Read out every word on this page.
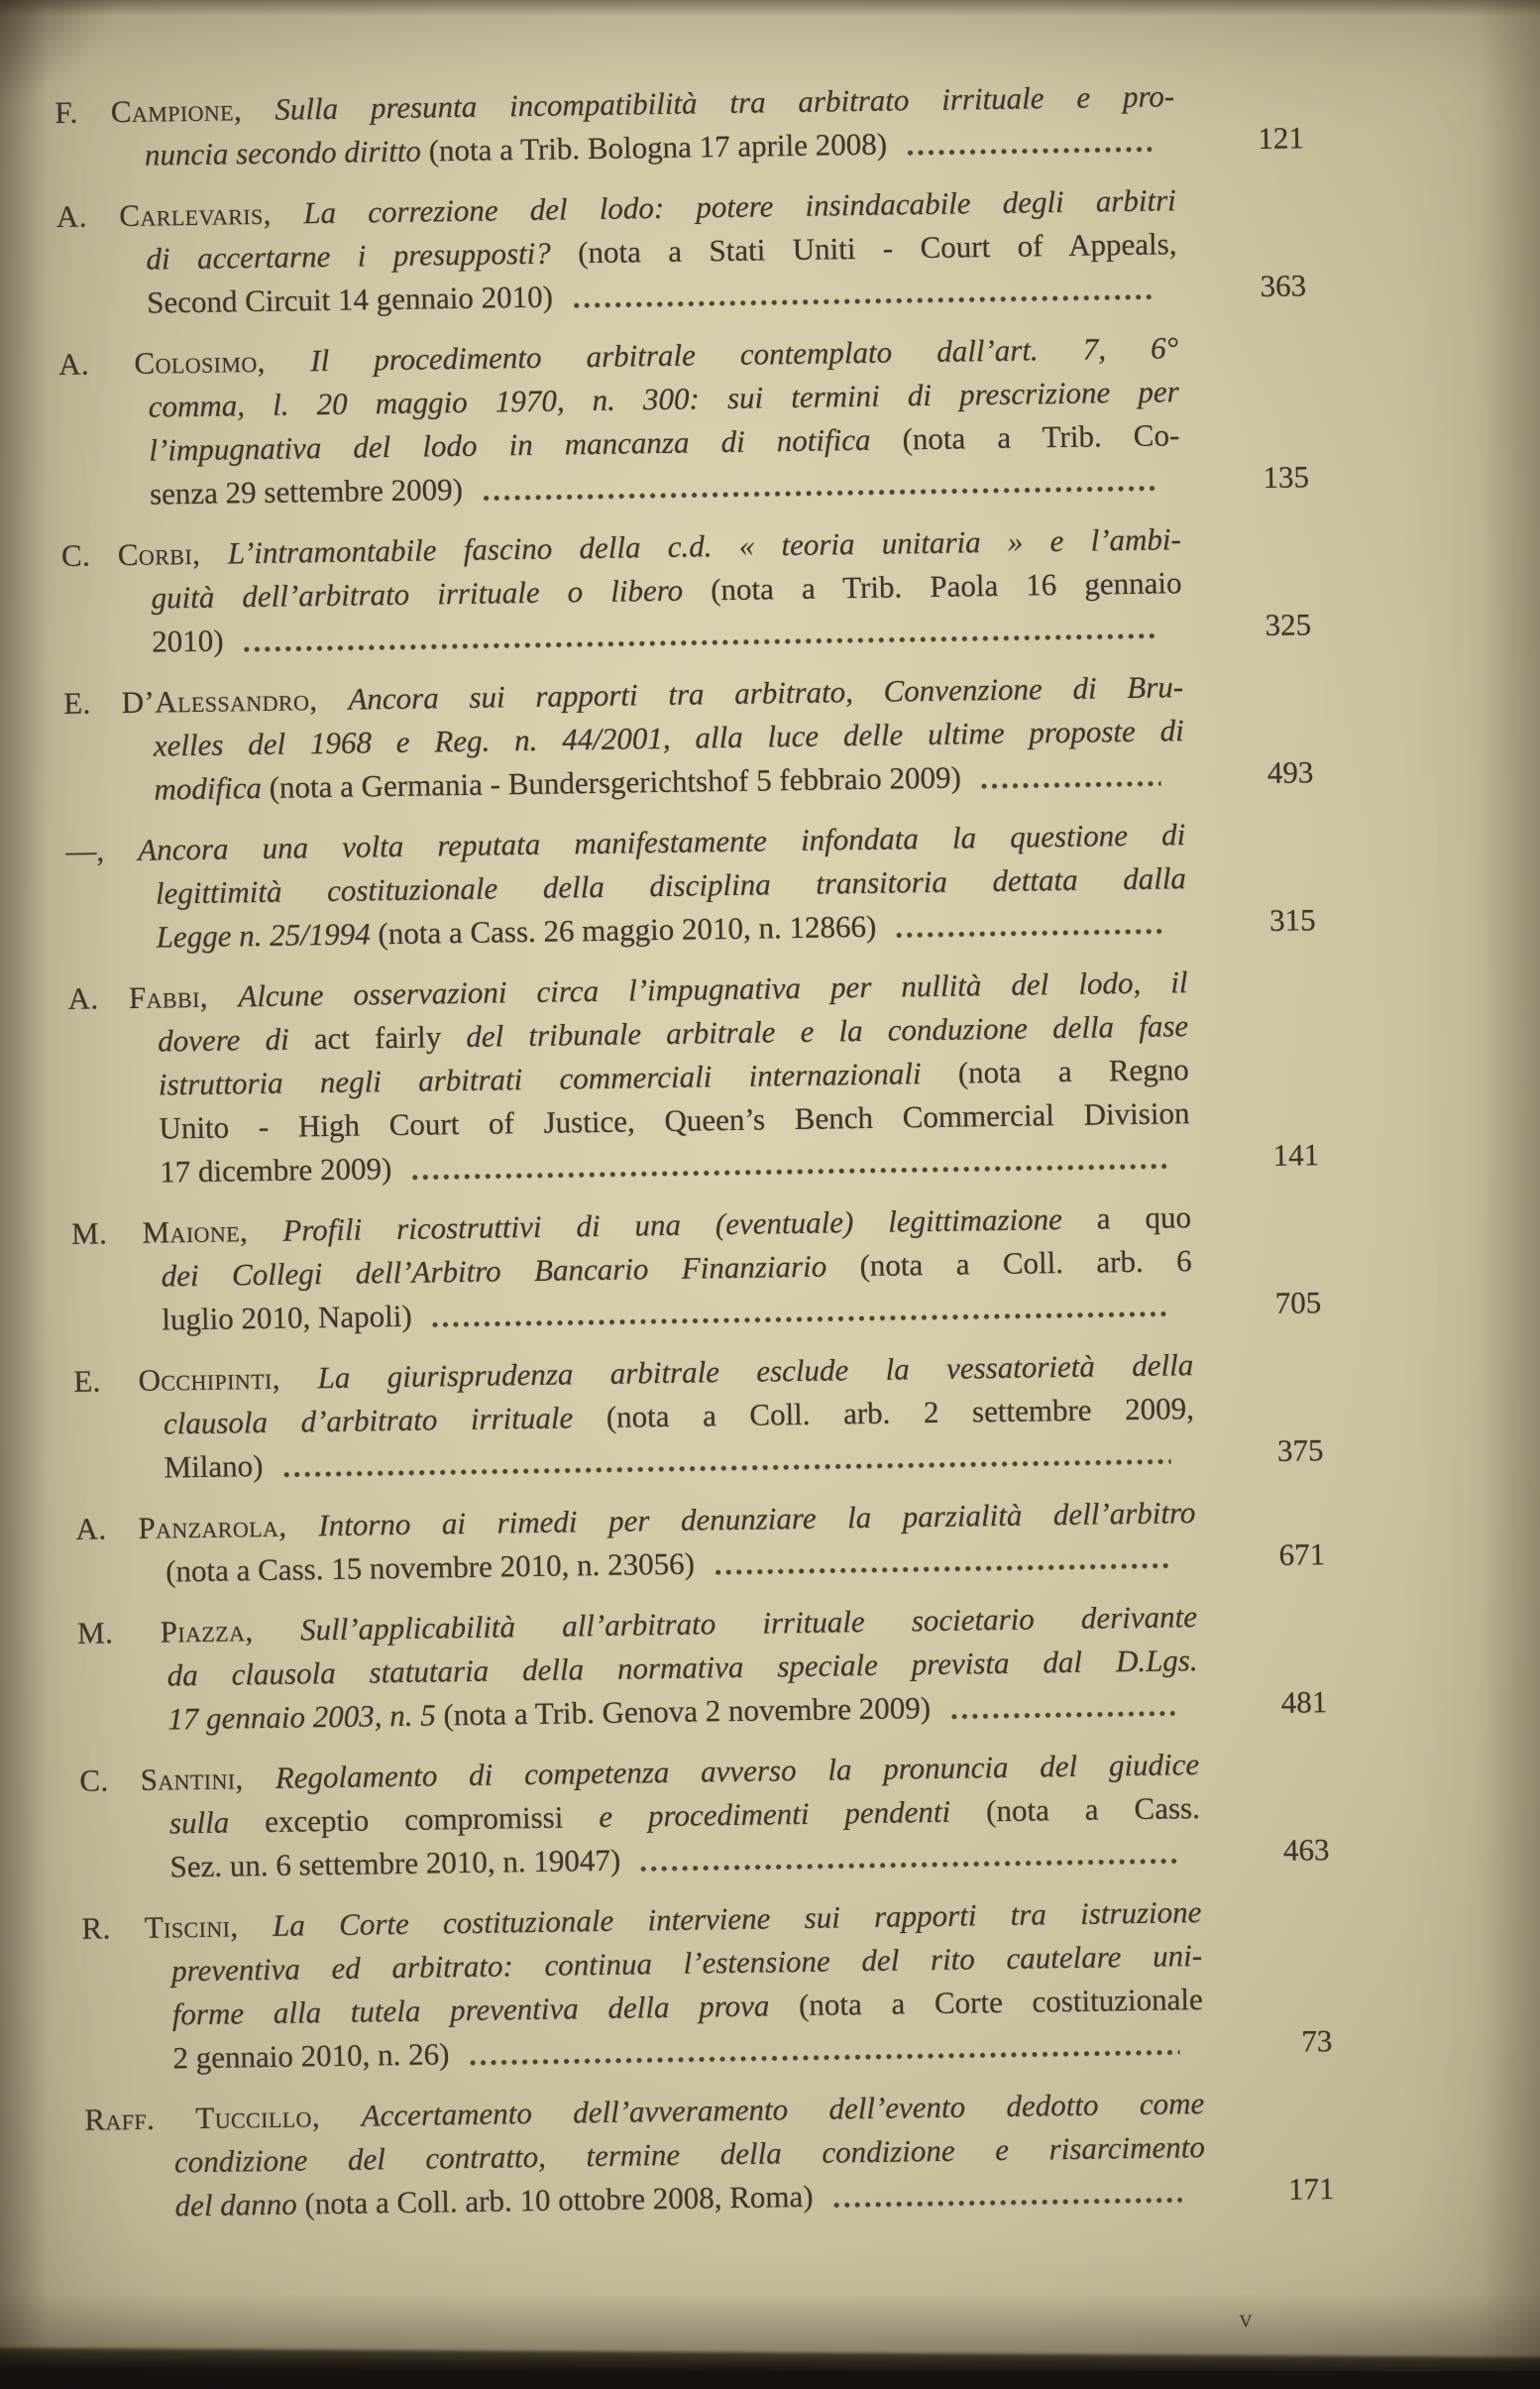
F. Campione, Sulla presunta incompatibilità tra arbitrato irrituale e pro-
nuncia secondo diritto (nota a Trib. Bologna 17 aprile 2008)	121
A. Carlevaris, La correzione del lodo: potere insindacabile degli arbitri
di accertarne i presupposti? (nota a Stati Uniti - Court of Appeals,
Second Circuit 14 gennaio 2010)	363
A. Colosimo, Il procedimento arbitrale contemplato dall’art. 7, 6°
comma, l. 20 maggio 1970, n. 300: sui termini di prescrizione per
l’impugnativa del lodo in mancanza di notifica (nota a Trib. Co-
senza 29 settembre 2009)	135
C. Corbi, L’intramontabile fascino della c.d. « teoria unitaria » e l’ambi-
guità dell’arbitrato irrituale o libero (nota a Trib. Paola 16 gennaio
2010)	325
E. D’Alessandro, Ancora sui rapporti tra arbitrato, Convenzione di Bru-
xelles del 1968 e Reg. n. 44/2001, alla luce delle ultime proposte di
modifica (nota a Germania - Bundersgerichtshof 5 febbraio 2009)	493
—, Ancora una volta reputata manifestamente infondata la questione di
legittimità costituzionale della disciplina transitoria dettata dalla
Legge n. 25/1994 (nota a Cass. 26 maggio 2010, n. 12866)	315
A. Fabbi, Alcune osservazioni circa l’impugnativa per nullità del lodo, il
dovere di act fairly del tribunale arbitrale e la conduzione della fase
istruttoria negli arbitrati commerciali internazionali (nota a Regno
Unito - High Court of Justice, Queen’s Bench Commercial Division
17 dicembre 2009)	141
M. Maione, Profili ricostruttivi di una (eventuale) legittimazione a quo
dei Collegi dell’Arbitro Bancario Finanziario (nota a Coll. arb. 6
luglio 2010, Napoli)	705
E. Occhipinti, La giurisprudenza arbitrale esclude la vessatorietà della
clausola d’arbitrato irrituale (nota a Coll. arb. 2 settembre 2009,
Milano)	375
A. Panzarola, Intorno ai rimedi per denunziare la parzialità dell’arbitro
(nota a Cass. 15 novembre 2010, n. 23056)	671
M. Piazza, Sull’applicabilità all’arbitrato irrituale societario derivante
da clausola statutaria della normativa speciale prevista dal D.Lgs.
17 gennaio 2003, n. 5 (nota a Trib. Genova 2 novembre 2009)	481
C. Santini, Regolamento di competenza avverso la pronuncia del giudice
sulla exceptio compromissi e procedimenti pendenti (nota a Cass.
Sez. un. 6 settembre 2010, n. 19047)	463
R. Tiscini, La Corte costituzionale interviene sui rapporti tra istruzione
preventiva ed arbitrato: continua l’estensione del rito cautelare uni-
forme alla tutela preventiva della prova (nota a Corte costituzionale
2 gennaio 2010, n. 26)	73
Raff. Tuccillo, Accertamento dell’avveramento dell’evento dedotto come
condizione del contratto, termine della condizione e risarcimento
del danno (nota a Coll. arb. 10 ottobre 2008, Roma)	171
v
